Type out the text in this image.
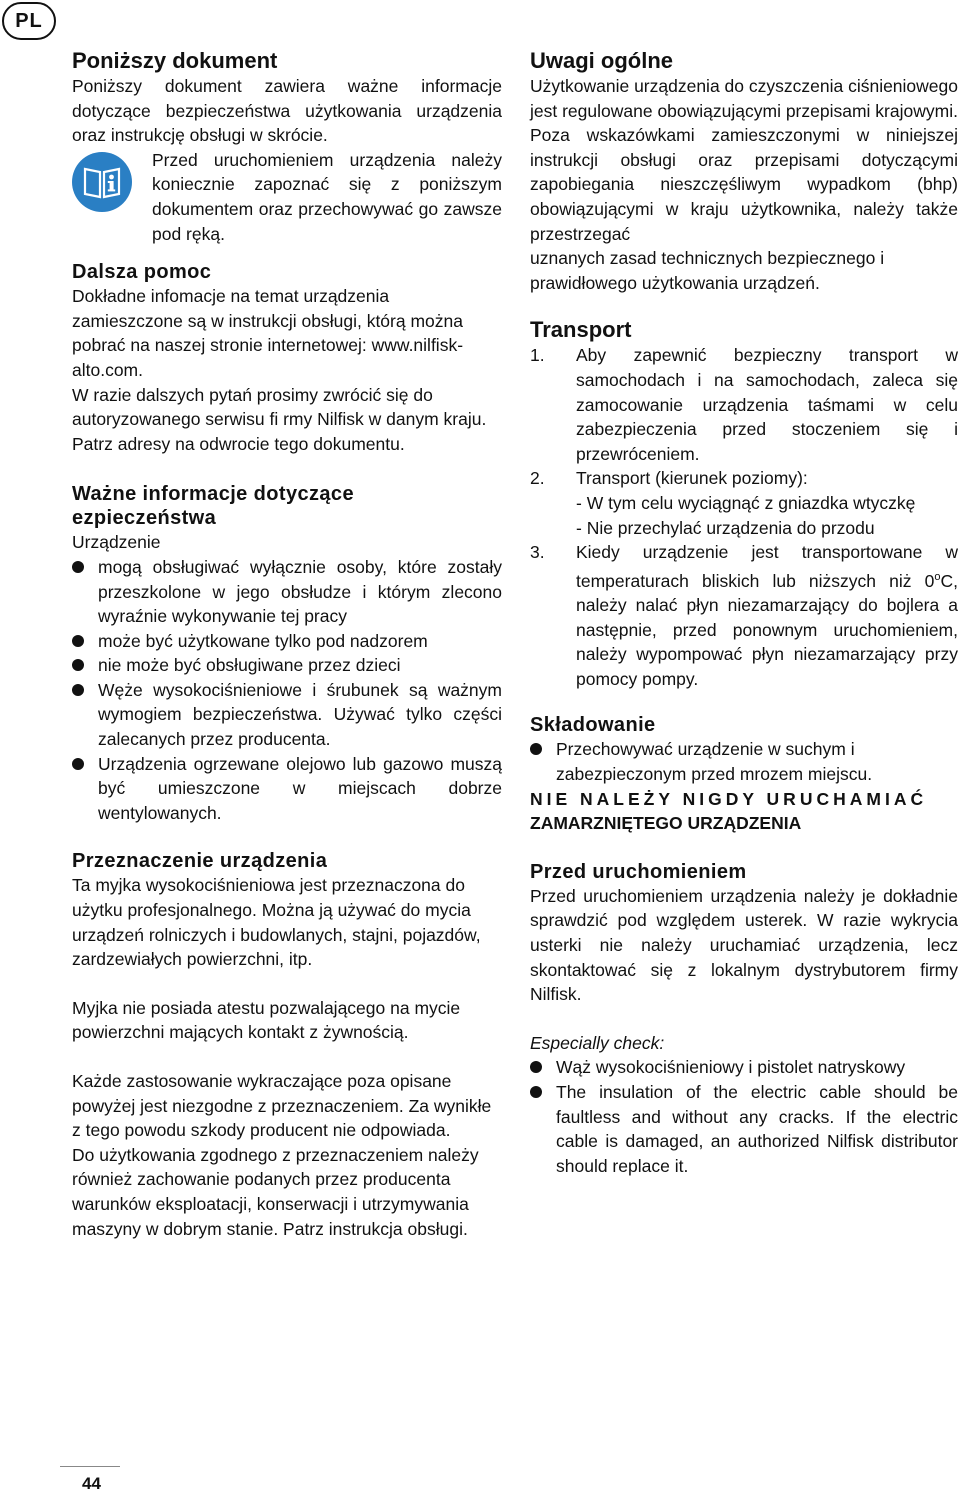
PL
Poniższy dokument

Poniższy dokument zawiera ważne informacje dotyczące bezpieczeństwa użytkowania urządzenia oraz instrukcję obsługi w skrócie.

Przed uruchomieniem urządzenia należy koniecznie zapoznać się z poniższym dokumentem oraz przechowywać go zawsze pod ręką.

Dalsza pomoc

Dokładne infomacje na temat urządzenia zamieszczone są w instrukcji obsługi, którą można pobrać na naszej stronie internetowej: www.nilfisk-alto.com.

W razie dalszych pytań prosimy zwrócić się do autoryzowanego serwisu fi rmy Nilfisk w danym kraju. Patrz adresy na odwrocie tego dokumentu.

Ważne informacje dotyczące ezpieczeństwa

Urządzenie

mogą obsługiwać wyłącznie osoby, które zostały przeszkolone w jego obsłudze i którym zlecono wyraźnie wykonywanie tej pracy
może być użytkowane tylko pod nadzorem
nie może być obsługiwane przez dzieci
Węże wysokociśnieniowe i śrubunek są ważnym wymogiem bezpieczeństwa. Używać tylko części zalecanych przez producenta.
Urządzenia ogrzewane olejowo lub gazowo muszą być umieszczone w miejscach dobrze wentylowanych.
Przeznaczenie urządzenia

Ta myjka wysokociśnieniowa jest przeznaczona do użytku profesjonalnego. Można ją używać do mycia urządzeń rolniczych i budowlanych, stajni, pojazdów, zardzewiałych powierzchni, itp.

Myjka nie posiada atestu pozwalającego na mycie powierzchni mających kontakt z żywnością.

Każde zastosowanie wykraczające poza opisane powyżej jest niezgodne z przeznaczeniem. Za wynikłe z tego powodu szkody producent nie odpowiada.

Do użytkowania zgodnego z przeznaczeniem należy również zachowanie podanych przez producenta warunków eksploatacji, konserwacji i utrzymywania maszyny w dobrym stanie. Patrz instrukcja obsługi.

Uwagi ogólne

Użytkowanie urządzenia do czyszczenia ciśnieniowego jest regulowane obowiązującymi przepisami krajowymi.

Poza wskazówkami zamieszczonymi w niniejszej instrukcji obsługi oraz przepisami dotyczącymi zapobiegania nieszczęśliwym wypadkom (bhp) obowiązującymi w kraju użytkownika, należy także przestrzegać

uznanych zasad technicznych bezpiecznego i prawidłowego użytkowania urządzeń.

Transport
1. Aby zapewnić bezpieczny transport w samochodach i na samochodach, zaleca się zamocowanie urządzenia taśmami w celu zabezpieczenia przed stoczeniem się i przewróceniem.
2. Transport (kierunek poziomy):
- W tym celu wyciągnąć z gniazdka wtyczkę
- Nie przechylać urządzenia do przodu
3. Kiedy urządzenie jest transportowane w temperaturach bliskich lub niższych niż 0$^o$C, należy nalać płyn niezamarzający do bojlera a następnie, przed ponownym uruchomieniem, należy wypompować płyn niezamarzający przy pomocy pompy.
Składowanie
Przechowywać urządzenie w suchym i zabezpieczonym przed mrozem miejscu.
NIE NALEŻY NIGDY URUCHAMIAĆ
ZAMARZNIĘTEGO URZĄDZENIA
Przed uruchomieniem

Przed uruchomieniem urządzenia należy je dokładnie sprawdzić pod względem usterek. W razie wykrycia usterki nie należy uruchamiać urządzenia, lecz skontaktować się z lokalnym dystrybutorem firmy Nilfisk.

Especially check:

Wąż wysokociśnieniowy i pistolet natryskowy
The insulation of the electric cable should be faultless and without any cracks. If the electric cable is damaged, an authorized Nilfisk distributor should replace it.
44
